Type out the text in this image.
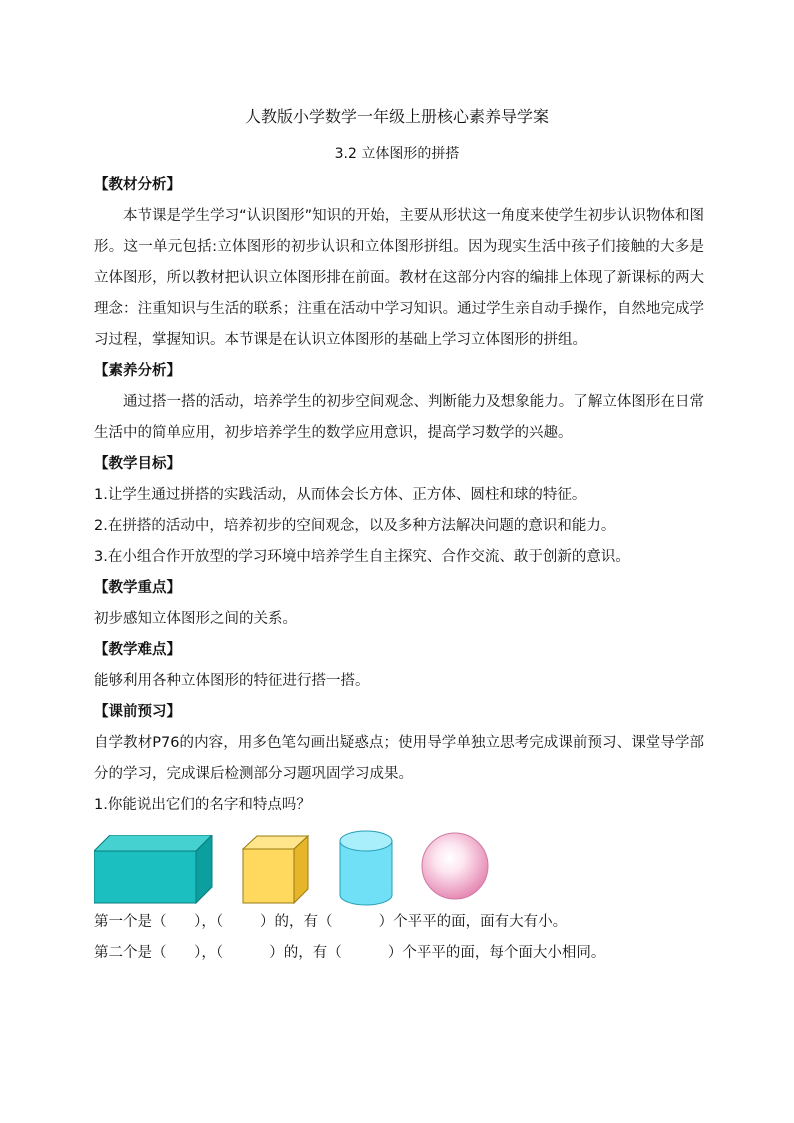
人教版小学数学一年级上册核心素养导学案
3.2 立体图形的拼搭

【教材分析】

本节课是学生学习“认识图形”知识的开始，主要从形状这一角度来使学生初步认识物体和图形。这一单元包括:立体图形的初步认识和立体图形拼组。因为现实生活中孩子们接触的大多是立体图形，所以教材把认识立体图形排在前面。教材在这部分内容的编排上体现了新课标的两大理念：注重知识与生活的联系；注重在活动中学习知识。通过学生亲自动手操作，自然地完成学习过程，掌握知识。本节课是在认识立体图形的基础上学习立体图形的拼组。

【素养分析】

通过搭一搭的活动，培养学生的初步空间观念、判断能力及想象能力。了解立体图形在日常生活中的简单应用，初步培养学生的数学应用意识，提高学习数学的兴趣。

【教学目标】

1.让学生通过拼搭的实践活动，从而体会长方体、正方体、圆柱和球的特征。

2.在拼搭的活动中，培养初步的空间观念，以及多种方法解决问题的意识和能力。

3.在小组合作开放型的学习环境中培养学生自主探究、合作交流、敢于创新的意识。

【教学重点】

初步感知立体图形之间的关系。

【教学难点】

能够利用各种立体图形的特征进行搭一搭。

【课前预习】

自学教材P76的内容，用多色笔勾画出疑惑点；使用导学单独立思考完成课前预习、课堂导学部分的学习，完成课后检测部分习题巩固学习成果。

1.你能说出它们的名字和特点吗？

第一个是（      ），（        ）的，有（          ）个平平的面，面有大有小。

第二个是（      ），（          ）的，有（          ）个平平的面，每个面大小相同。
